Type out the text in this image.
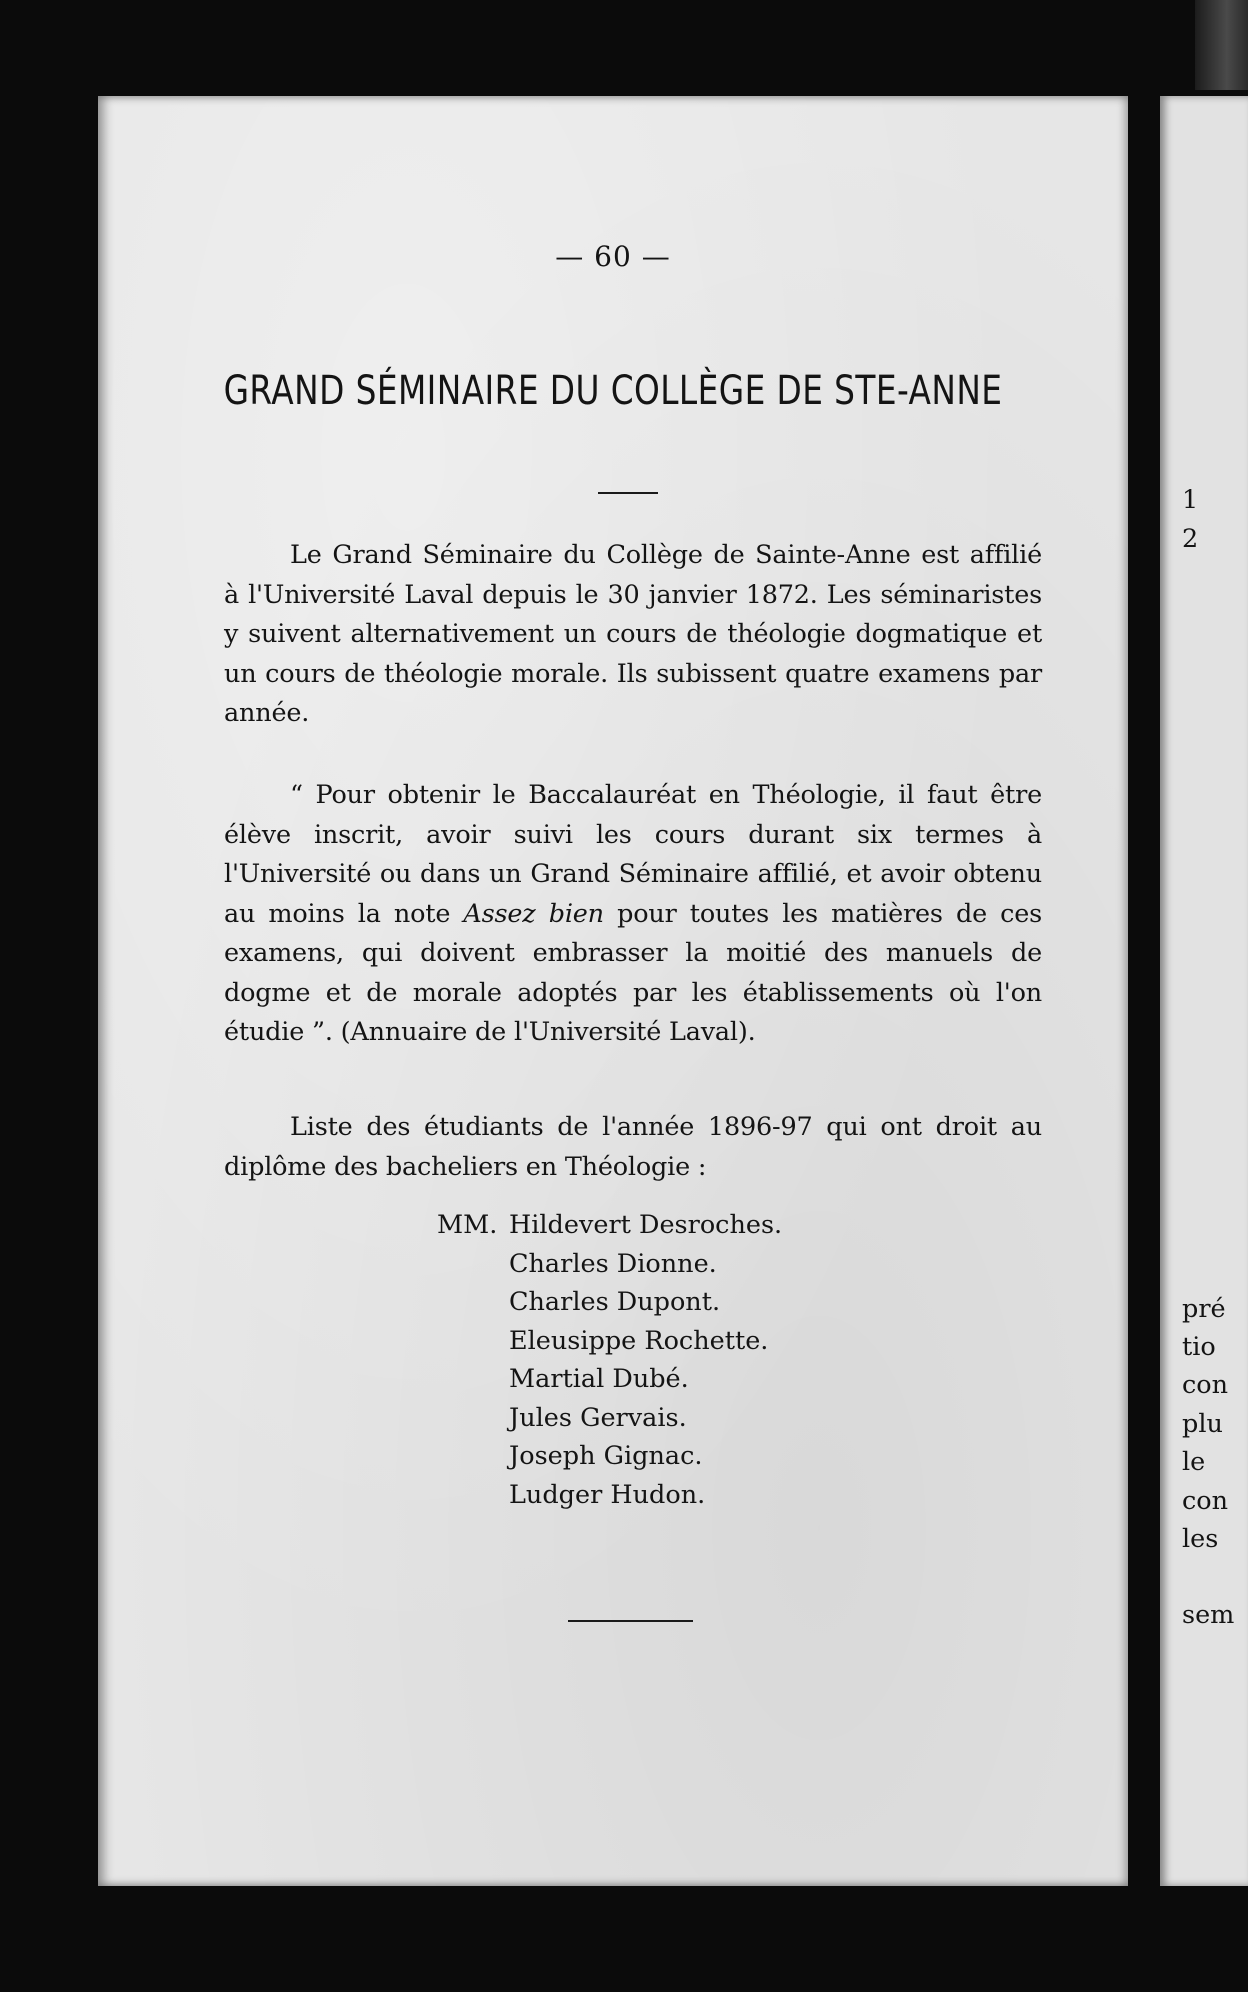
— 60 —
GRAND SÉMINAIRE DU COLLÈGE DE STE-ANNE

Le Grand Séminaire du Collège de Sainte-Anne est affilié à l'Université Laval depuis le 30 janvier 1872. Les séminaristes y suivent alternativement un cours de théologie dogmatique et un cours de théologie morale. Ils subissent quatre examens par année.

“ Pour obtenir le Baccalauréat en Théologie, il faut être élève inscrit, avoir suivi les cours durant six termes à l'Université ou dans un Grand Séminaire affilié, et avoir obtenu au moins la note Assez bien pour toutes les matières de ces examens, qui doivent embrasser la moitié des manuels de dogme et de morale adoptés par les établissements où l'on étudie ”. (Annuaire de l'Université Laval).

Liste des étudiants de l'année 1896-97 qui ont droit au diplôme des bacheliers en Théologie :

MM. Hildevert Desroches.
Charles Dionne.
Charles Dupont.
Eleusippe Rochette.
Martial Dubé.
Jules Gervais.
Joseph Gignac.
Ludger Hudon.
1
2
pré
tio
con
plu
le
con
les
sem
